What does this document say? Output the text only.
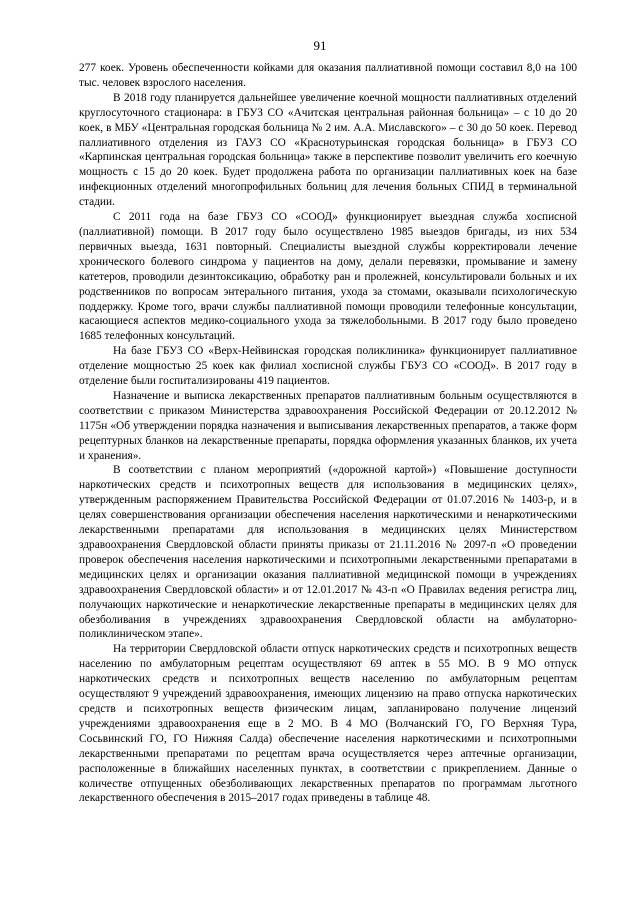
91

277 коек. Уровень обеспеченности койками для оказания паллиативной помощи составил 8,0 на 100 тыс. человек взрослого населения.

В 2018 году планируется дальнейшее увеличение коечной мощности паллиативных отделений круглосуточного стационара: в ГБУЗ СО «Ачитская центральная районная больница» – с 10 до 20 коек, в МБУ «Центральная городская больница № 2 им. А.А. Миславского» – с 30 до 50 коек. Перевод паллиативного отделения из ГАУЗ СО «Краснотурьинская городская больница» в ГБУЗ СО «Карпинская центральная городская больница» также в перспективе позволит увеличить его коечную мощность с 15 до 20 коек. Будет продолжена работа по организации паллиативных коек на базе инфекционных отделений многопрофильных больниц для лечения больных СПИД в терминальной стадии.

С 2011 года на базе ГБУЗ СО «СООД» функционирует выездная служба хосписной (паллиативной) помощи. В 2017 году было осуществлено 1985 выездов бригады, из них 534 первичных выезда, 1631 повторный. Специалисты выездной службы корректировали лечение хронического болевого синдрома у пациентов на дому, делали перевязки, промывание и замену катетеров, проводили дезинтоксикацию, обработку ран и пролежней, консультировали больных и их родственников по вопросам энтерального питания, ухода за стомами, оказывали психологическую поддержку. Кроме того, врачи службы паллиативной помощи проводили телефонные консультации, касающиеся аспектов медико-социального ухода за тяжелобольными. В 2017 году было проведено 1685 телефонных консультаций.

На базе ГБУЗ СО «Верх-Нейвинская городская поликлиника» функционирует паллиативное отделение мощностью 25 коек как филиал хосписной службы ГБУЗ СО «СООД». В 2017 году в отделение были госпитализированы 419 пациентов.

Назначение и выписка лекарственных препаратов паллиативным больным осуществляются в соответствии с приказом Министерства здравоохранения Российской Федерации от 20.12.2012 № 1175н «Об утверждении порядка назначения и выписывания лекарственных препаратов, а также форм рецептурных бланков на лекарственные препараты, порядка оформления указанных бланков, их учета и хранения».

В соответствии с планом мероприятий («дорожной картой») «Повышение доступности наркотических средств и психотропных веществ для использования в медицинских целях», утвержденным распоряжением Правительства Российской Федерации от 01.07.2016 № 1403-р, и в целях совершенствования организации обеспечения населения наркотическими и ненаркотическими лекарственными препаратами для использования в медицинских целях Министерством здравоохранения Свердловской области приняты приказы от 21.11.2016 № 2097-п «О проведении проверок обеспечения населения наркотическими и психотропными лекарственными препаратами в медицинских целях и организации оказания паллиативной медицинской помощи в учреждениях здравоохранения Свердловской области» и от 12.01.2017 № 43-п «О Правилах ведения регистра лиц, получающих наркотические и ненаркотические лекарственные препараты в медицинских целях для обезболивания в учреждениях здравоохранения Свердловской области на амбулаторно-поликлиническом этапе».

На территории Свердловской области отпуск наркотических средств и психотропных веществ населению по амбулаторным рецептам осуществляют 69 аптек в 55 МО. В 9 МО отпуск наркотических средств и психотропных веществ населению по амбулаторным рецептам осуществляют 9 учреждений здравоохранения, имеющих лицензию на право отпуска наркотических средств и психотропных веществ физическим лицам, запланировано получение лицензий учреждениями здравоохранения еще в 2 МО. В 4 МО (Волчанский ГО, ГО Верхняя Тура, Сосьвинский ГО, ГО Нижняя Салда) обеспечение населения наркотическими и психотропными лекарственными препаратами по рецептам врача осуществляется через аптечные организации, расположенные в ближайших населенных пунктах, в соответствии с прикреплением. Данные о количестве отпущенных обезболивающих лекарственных препаратов по программам льготного лекарственного обеспечения в 2015–2017 годах приведены в таблице 48.
